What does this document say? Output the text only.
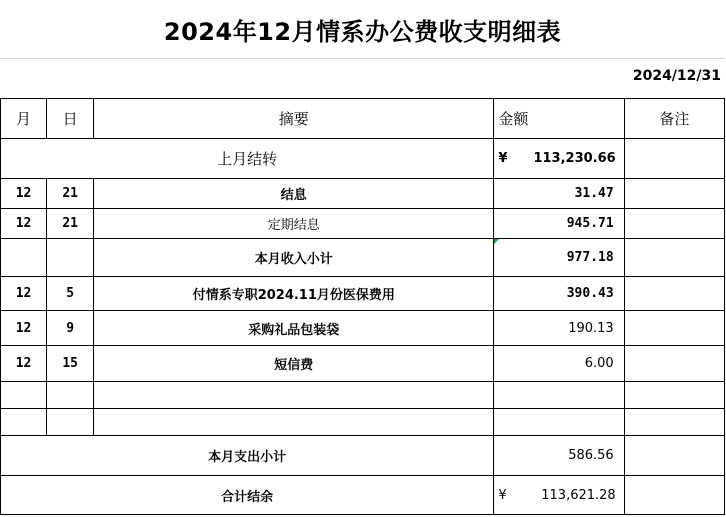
2024年12月情系办公费收支明细表
2024/12/31
月	日	摘要	金额	备注
上月结转			¥ 113,230.66	

12	21	结息	31.47	
12	21	定期结息	945.71	
		本月收入小计	977.18	
12	5	付情系专职2024.11月份医保费用	390.43	
12	9	采购礼品包装袋	190.13	
12	15	短信费	6.00	

本月支出小计			586.56	
合计结余			¥ 113,621.28	
